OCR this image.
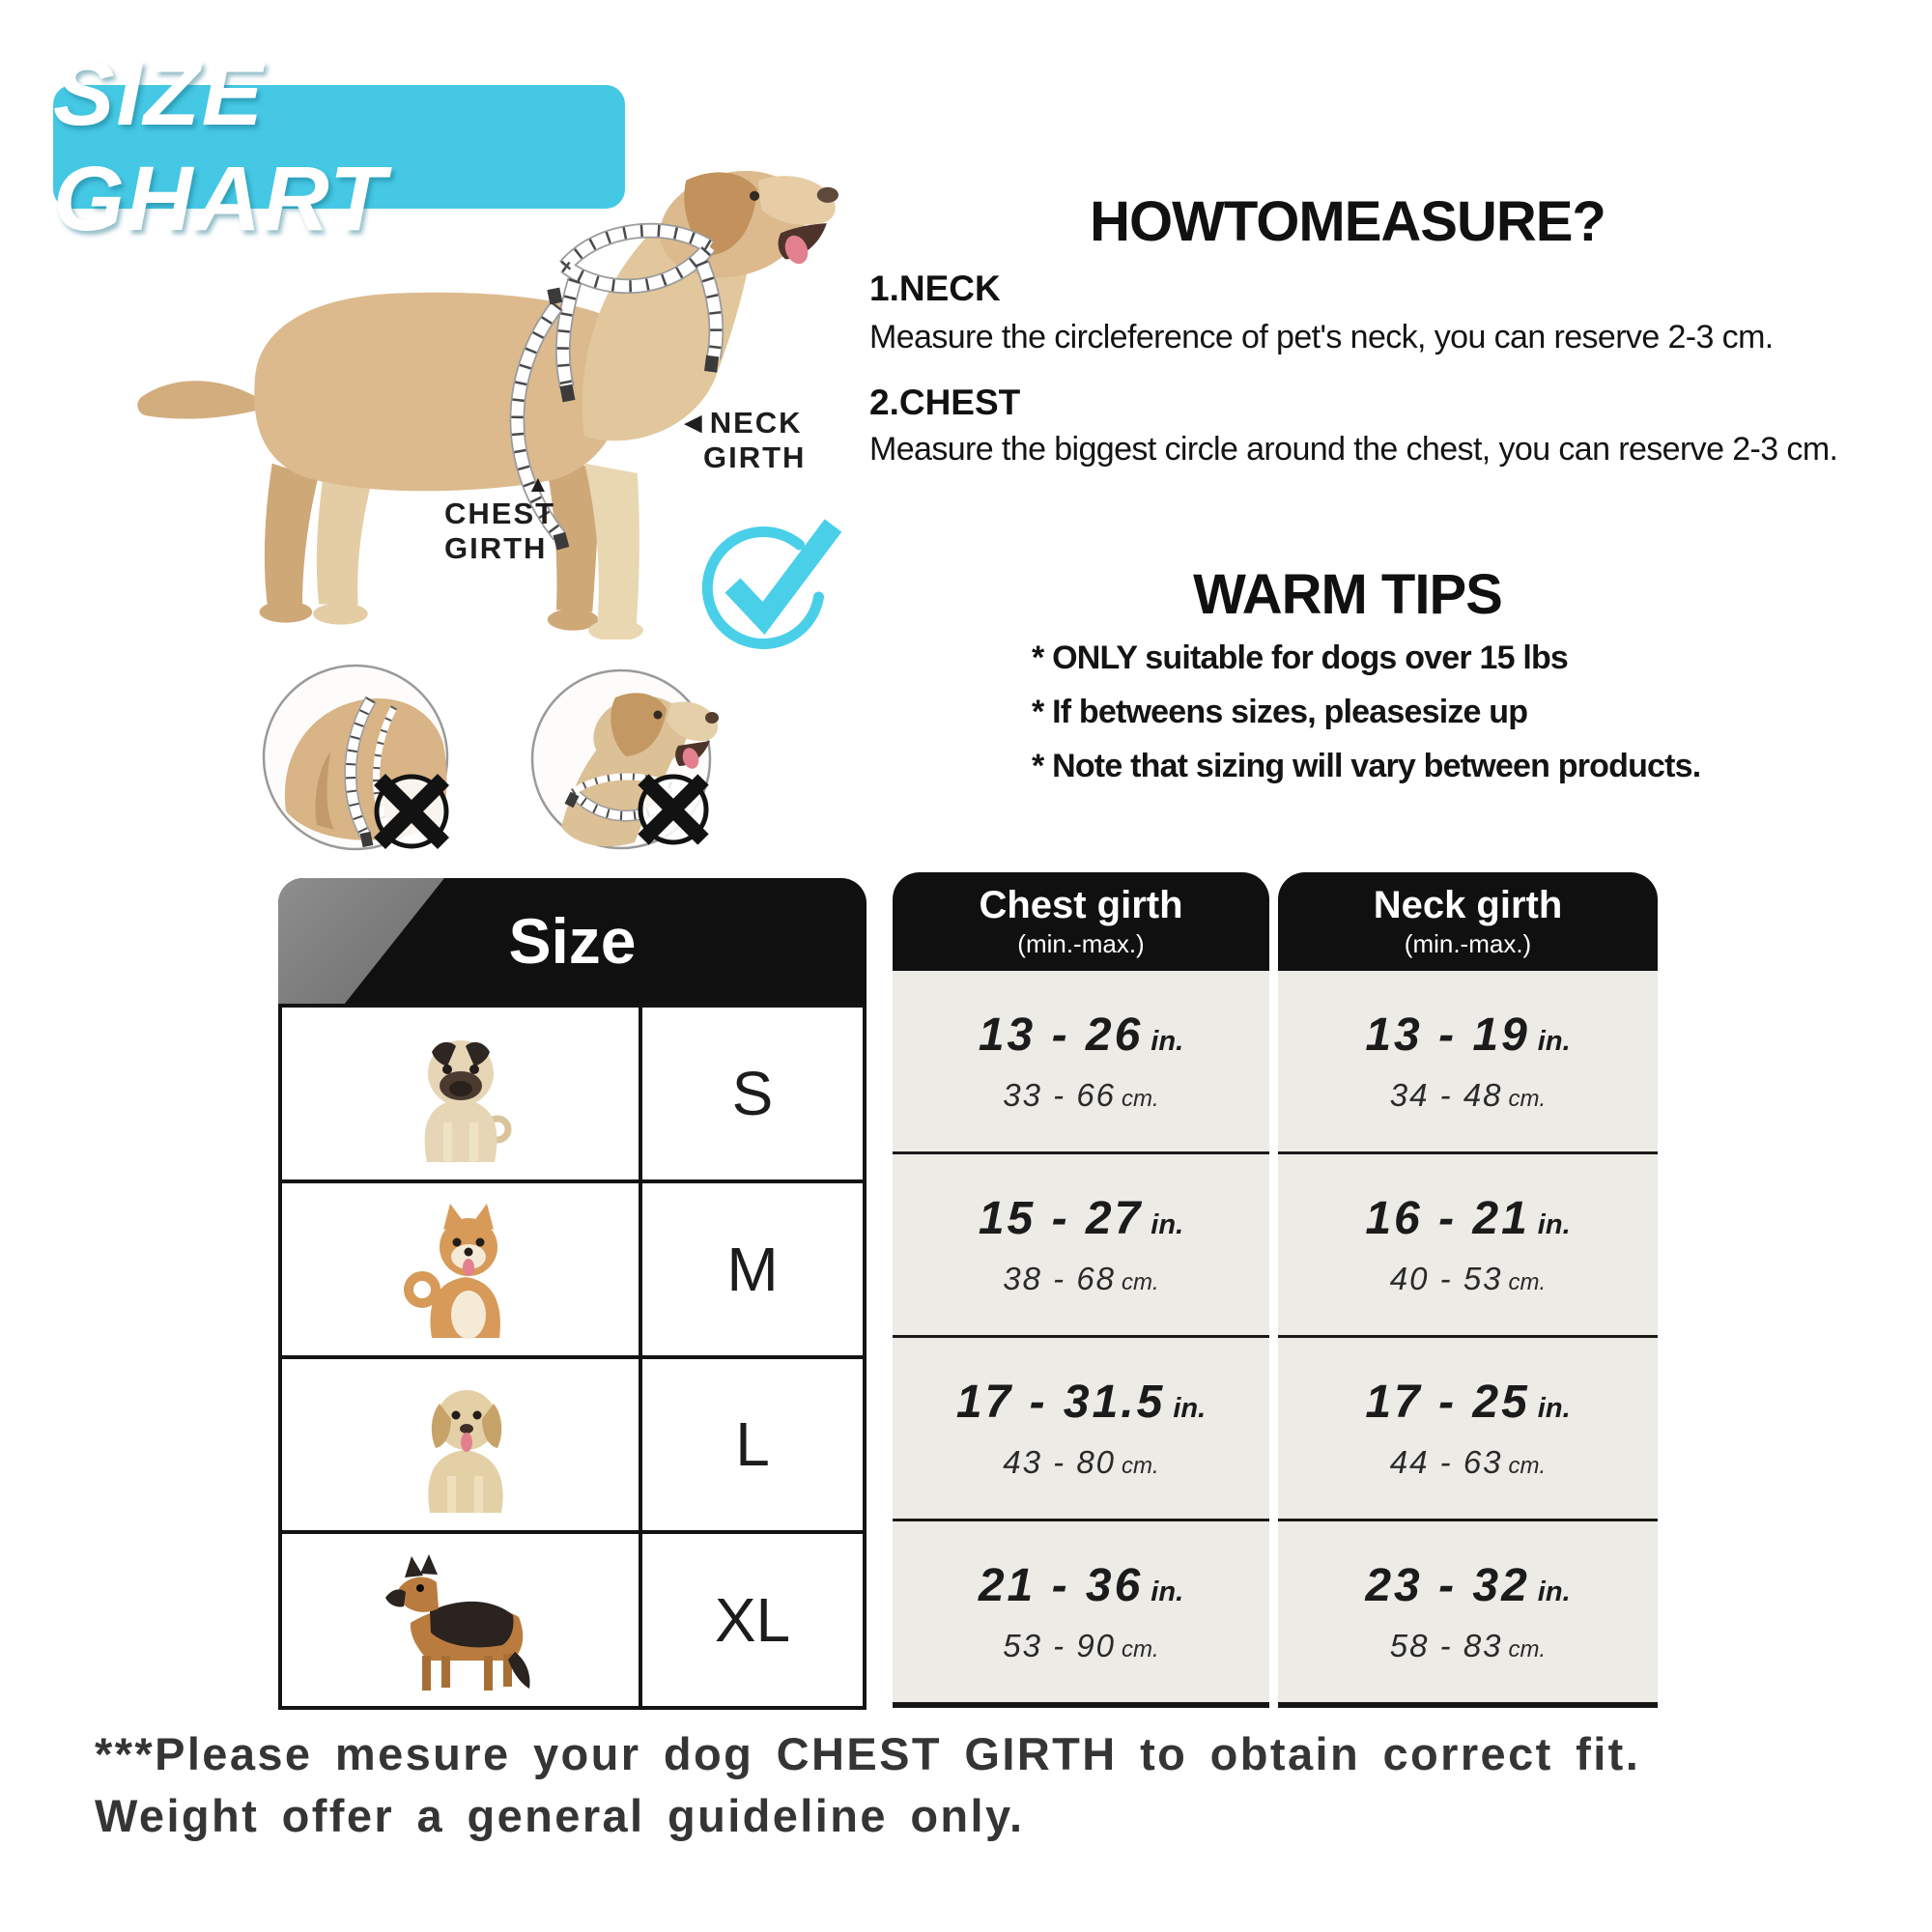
SIZE GHART
◄NECK
GIRTH
▲
CHEST
GIRTH
HOWTOMEASURE?
1.NECK
Measure the circleference of pet's neck, you can reserve 2-3 cm.
2.CHEST
Measure the biggest circle around the chest, you can reserve 2-3 cm.
WARM TIPS
* ONLY suitable for dogs over 15 lbs
* If betweens sizes, pleasesize up
* Note that sizing will vary between products.
Size
S
M
L
XL
Chest girth
(min.-max.)
13 - 26 in.
33 - 66 cm.
15 - 27 in.
38 - 68 cm.
17 - 31.5 in.
43 - 80 cm.
21 - 36 in.
53 - 90 cm.
Neck girth
(min.-max.)
13 - 19 in.
34 - 48 cm.
16 - 21 in.
40 - 53 cm.
17 - 25 in.
44 - 63 cm.
23 - 32 in.
58 - 83 cm.
***Please mesure your dog CHEST GIRTH to obtain correct fit.
Weight offer a general guideline only.
